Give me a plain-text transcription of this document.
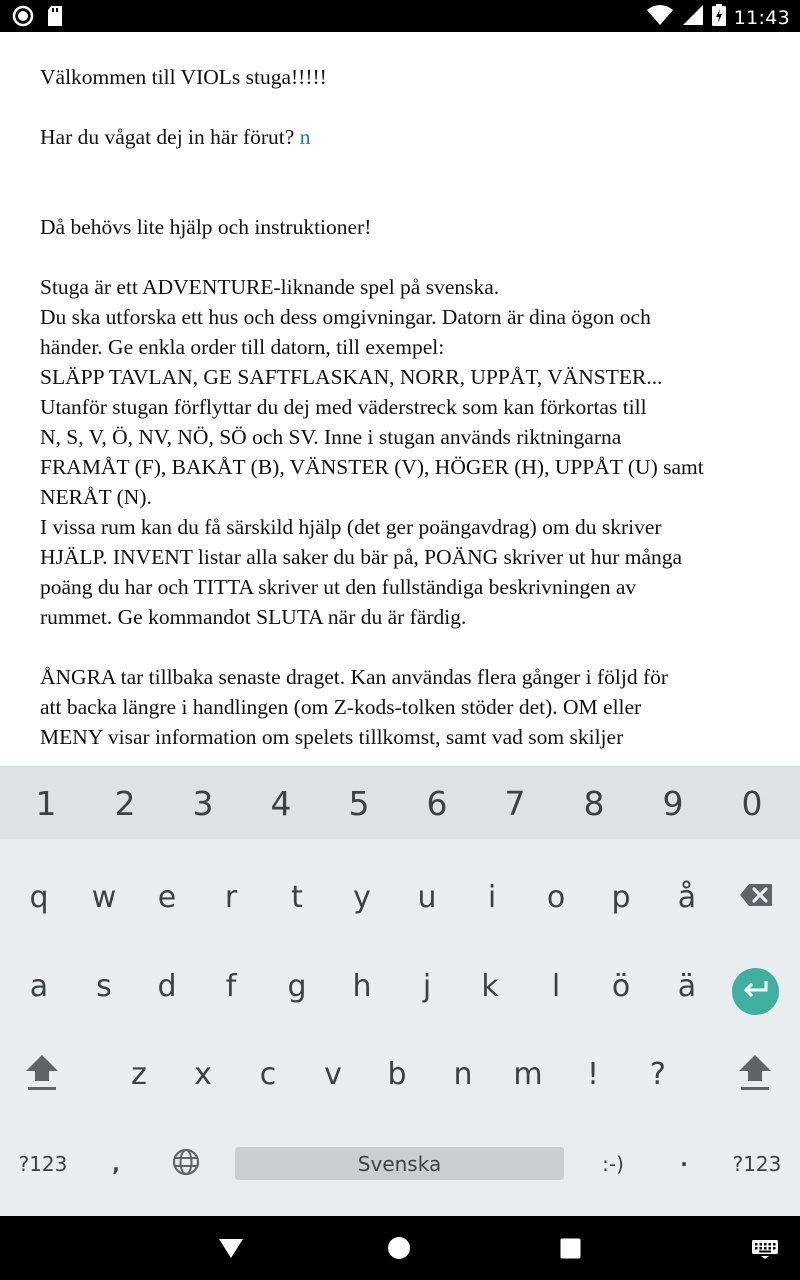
11:43

Välkommen till VIOLs stuga!!!!!

Har du vågat dej in här förut? n

Då behövs lite hjälp och instruktioner!

Stuga är ett ADVENTURE-liknande spel på svenska.

Du ska utforska ett hus och dess omgivningar. Datorn är dina ögon och

händer. Ge enkla order till datorn, till exempel:

SLÄPP TAVLAN, GE SAFTFLASKAN, NORR, UPPÅT, VÄNSTER...

Utanför stugan förflyttar du dej med väderstreck som kan förkortas till

N, S, V, Ö, NV, NÖ, SÖ och SV. Inne i stugan används riktningarna

FRAMÅT (F), BAKÅT (B), VÄNSTER (V), HÖGER (H), UPPÅT (U) samt

NERÅT (N).

I vissa rum kan du få särskild hjälp (det ger poängavdrag) om du skriver

HJÄLP. INVENT listar alla saker du bär på, POÄNG skriver ut hur många

poäng du har och TITTA skriver ut den fullständiga beskrivningen av

rummet. Ge kommandot SLUTA när du är färdig.

ÅNGRA tar tillbaka senaste draget. Kan användas flera gånger i följd för

att backa längre i handlingen (om Z-kods-tolken stöder det). OM eller

MENY visar information om spelets tillkomst, samt vad som skiljer

1	2	3	4	5	6	7	8	9	0
q	w	e	r	t	y	u	i	o	p	å
a	s	d	f	g	h	j	k	l	ö	ä
z	x	c	v	b	n	m	!	?
?123	,	Svenska	:-)	·	?123
